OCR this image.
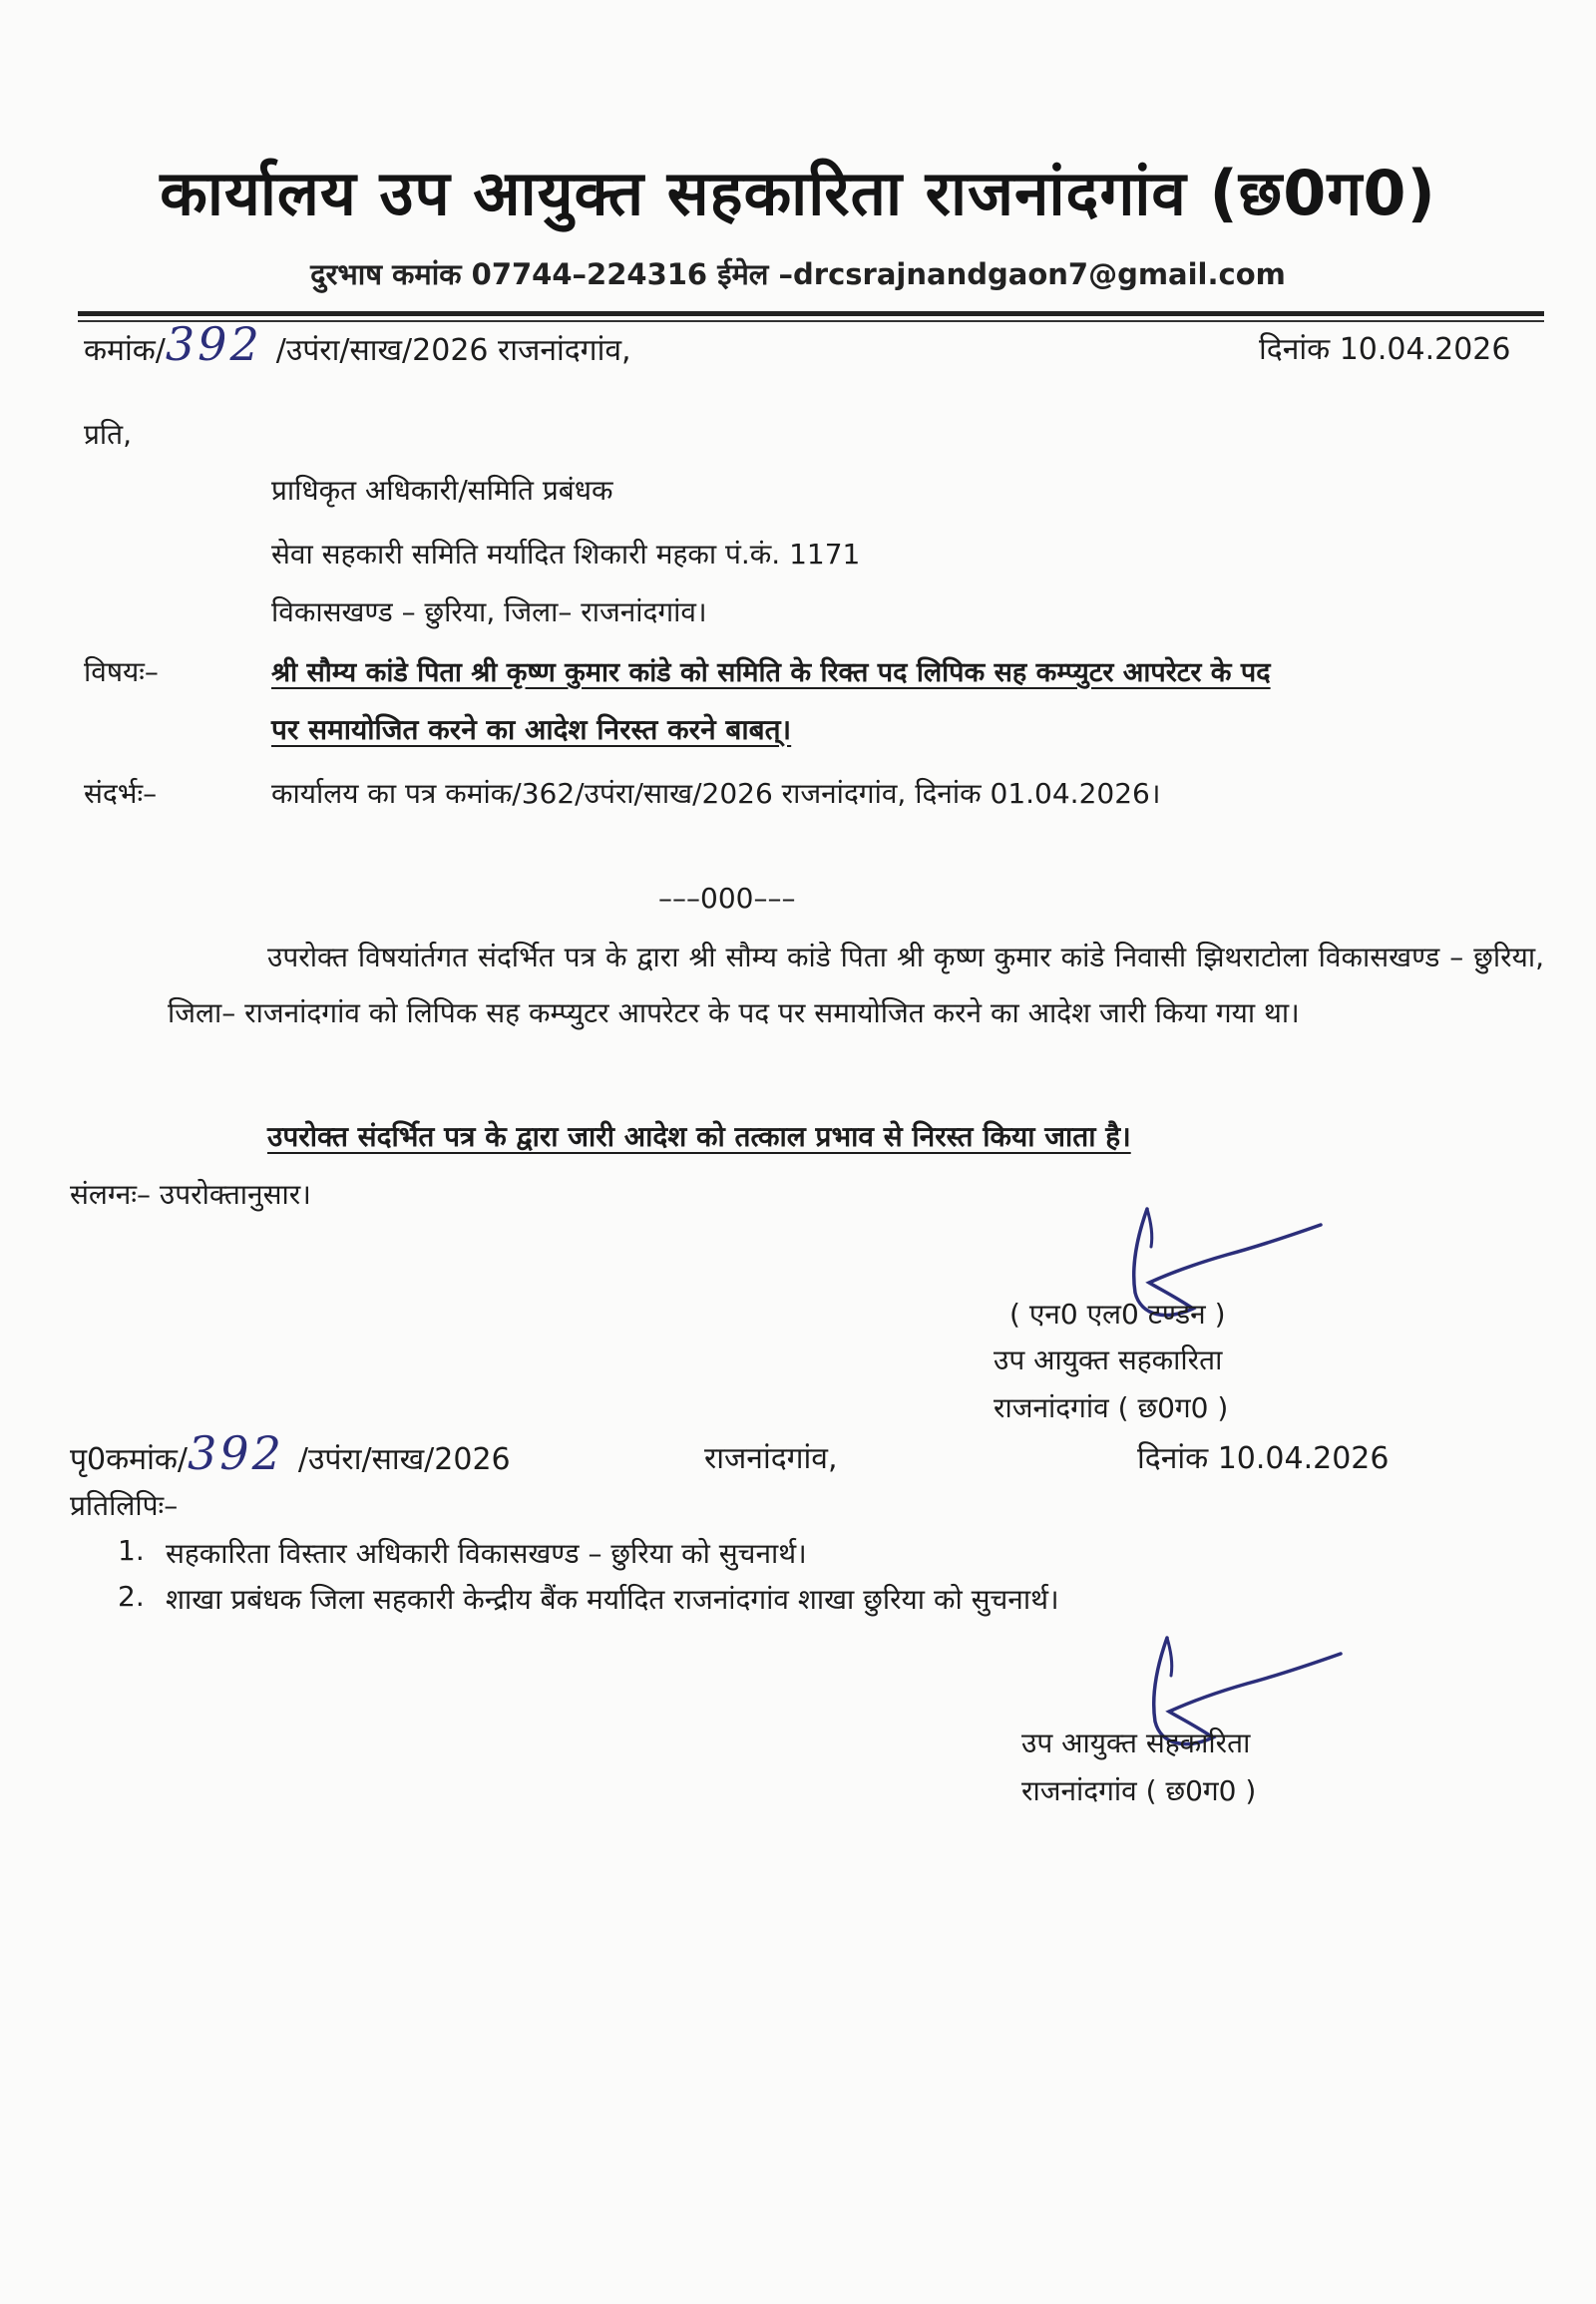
कार्यालय उप आयुक्त सहकारिता राजनांदगांव (छ0ग0)
दुरभाष कमांक 07744–224316 ईमेल –drcsrajnandgaon7@gmail.com
कमांक/392 /उपंरा/साख/2026 राजनांदगांव,	दिनांक 10.04.2026
प्रति,
प्राधिकृत अधिकारी/समिति प्रबंधक
सेवा सहकारी समिति मर्यादित शिकारी महका पं.कं. 1171
विकासखण्ड – छुरिया, जिला– राजनांदगांव।
विषयः–	श्री सौम्य कांडे पिता श्री कृष्ण कुमार कांडे को समिति के रिक्त पद लिपिक सह कम्प्युटर आपरेटर के पद
पर समायोजित करने का आदेश निरस्त करने बाबत्।
संदर्भः–	कार्यालय का पत्र कमांक/362/उपंरा/साख/2026 राजनांदगांव, दिनांक 01.04.2026।
–––000–––
उपरोक्त विषयांर्तगत संदर्भित पत्र के द्वारा श्री सौम्य कांडे पिता श्री कृष्ण कुमार कांडे निवासी झिथराटोला विकासखण्ड – छुरिया, जिला– राजनांदगांव को लिपिक सह कम्प्युटर आपरेटर के पद पर समायोजित करने का आदेश जारी किया गया था।
उपरोक्त संदर्भित पत्र के द्वारा जारी आदेश को तत्काल प्रभाव से निरस्त किया जाता है।
संलग्नः– उपरोक्तानुसार।
( एन0 एल0 टण्डन )
उप आयुक्त सहकारिता
राजनांदगांव ( छ0ग0 )
पृ0कमांक/392 /उपंरा/साख/2026	राजनांदगांव,	दिनांक 10.04.2026
प्रतिलिपिः–
1. सहकारिता विस्तार अधिकारी विकासखण्ड – छुरिया को सुचनार्थ।
2. शाखा प्रबंधक जिला सहकारी केन्द्रीय बैंक मर्यादित राजनांदगांव शाखा छुरिया को सुचनार्थ।
उप आयुक्त सहकारिता
राजनांदगांव ( छ0ग0 )
